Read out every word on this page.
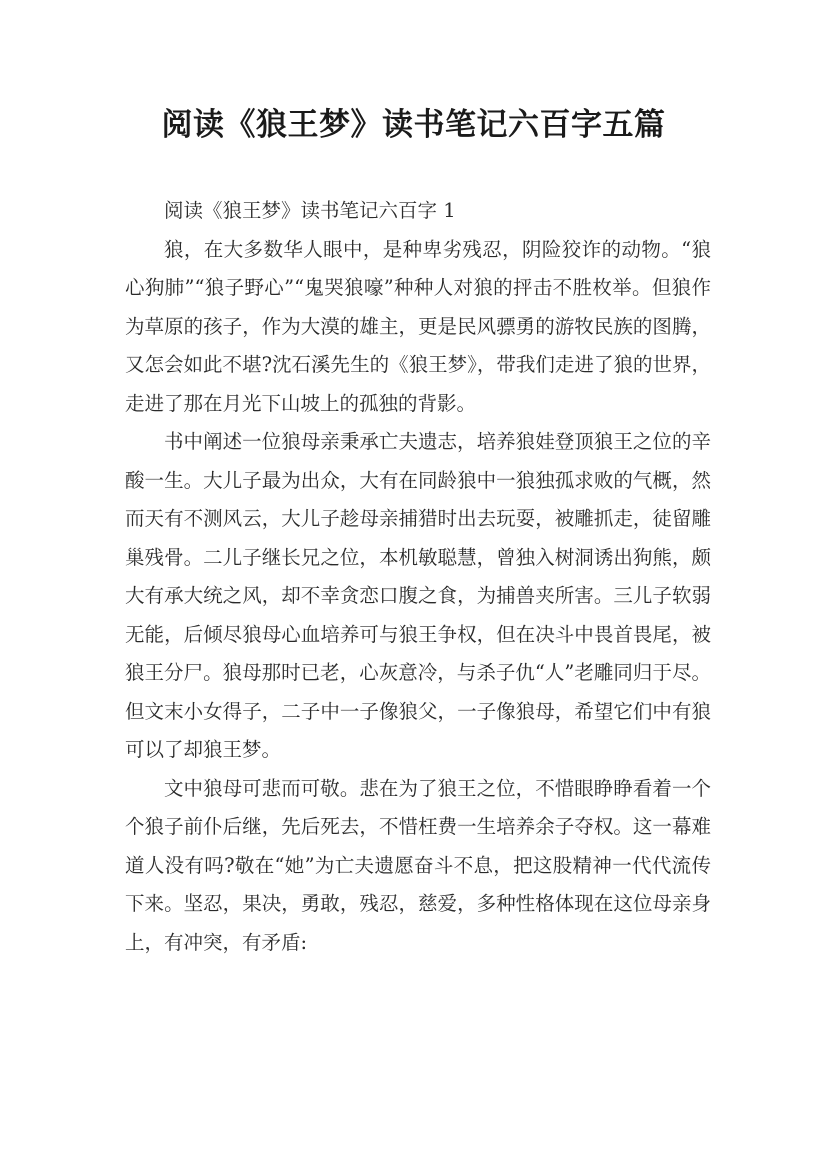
阅读《狼王梦》读书笔记六百字五篇

阅读《狼王梦》读书笔记六百字 1

狼，在大多数华人眼中，是种卑劣残忍，阴险狡诈的动物。“狼心狗肺”“狼子野心”“鬼哭狼嚎”种种人对狼的抨击不胜枚举。但狼作为草原的孩子，作为大漠的雄主，更是民风骠勇的游牧民族的图腾，又怎会如此不堪?沈石溪先生的《狼王梦》，带我们走进了狼的世界，走进了那在月光下山坡上的孤独的背影。

书中阐述一位狼母亲秉承亡夫遗志，培养狼娃登顶狼王之位的辛酸一生。大儿子最为出众，大有在同龄狼中一狼独孤求败的气概，然而天有不测风云，大儿子趁母亲捕猎时出去玩耍，被雕抓走，徒留雕巢残骨。二儿子继长兄之位，本机敏聪慧，曾独入树洞诱出狗熊，颇大有承大统之风，却不幸贪恋口腹之食，为捕兽夹所害。三儿子软弱无能，后倾尽狼母心血培养可与狼王争权，但在决斗中畏首畏尾，被狼王分尸。狼母那时已老，心灰意冷，与杀子仇“人”老雕同归于尽。但文末小女得子，二子中一子像狼父，一子像狼母，希望它们中有狼可以了却狼王梦。

文中狼母可悲而可敬。悲在为了狼王之位，不惜眼睁睁看着一个个狼子前仆后继，先后死去，不惜枉费一生培养余子夺权。这一幕难道人没有吗?敬在“她”为亡夫遗愿奋斗不息，把这股精神一代代流传下来。坚忍，果决，勇敢，残忍，慈爱，多种性格体现在这位母亲身上，有冲突，有矛盾:
